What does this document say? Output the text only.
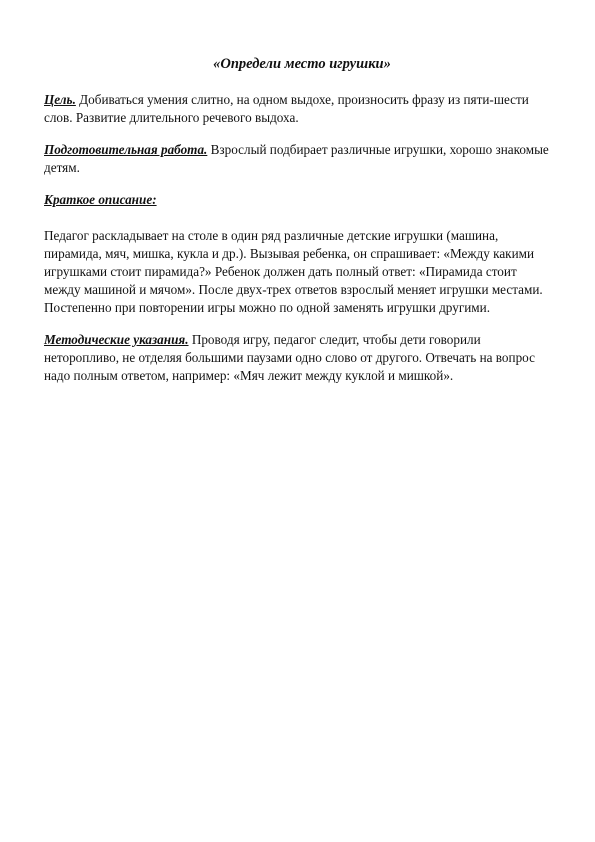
«Определи место игрушки»

Цель. Добиваться умения слитно, на одном выдохе, произносить фразу из пяти-шести слов. Развитие длительного речевого выдоха.

Подготовительная работа. Взрослый подбирает различные игрушки, хорошо знакомые детям.

Краткое описание:

Педагог раскладывает на столе в один ряд различные детские игрушки (машина, пирамида, мяч, мишка, кукла и др.). Вызывая ребенка, он спрашивает: «Между какими игрушками стоит пирамида?» Ребенок должен дать полный ответ: «Пирамида стоит между машиной и мячом». После двух-трех ответов взрослый меняет игрушки местами. Постепенно при повторении игры можно по одной заменять игрушки другими.

Методические указания. Проводя игру, педагог следит, чтобы дети говорили неторопливо, не отделяя большими паузами одно слово от другого. Отвечать на вопрос надо полным ответом, например: «Мяч лежит между куклой и мишкой».
